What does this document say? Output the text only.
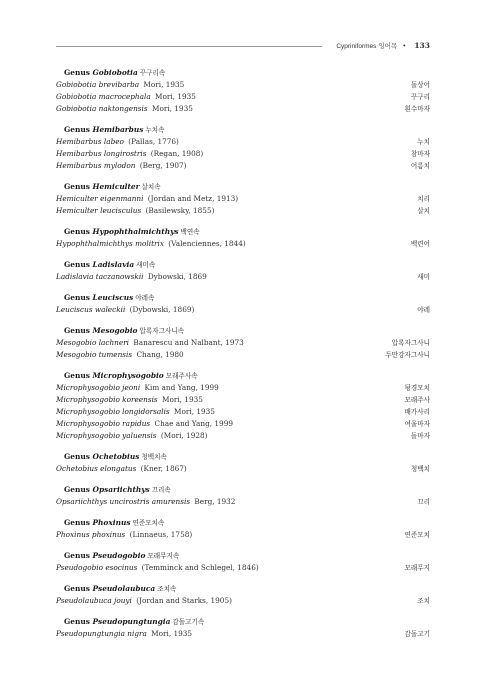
Cypriniformes 잉어목 • 133
Genus Gobiobotia 꾸구리속
Gobiobotia brevibarba Mori, 1935	돌상어
Gobiobotia macrocephala Mori, 1935	꾸구리
Gobiobotia naktongensis Mori, 1935	흰수마자
Genus Hemibarbus 누치속
Hemibarbus labeo (Pallas, 1776)	누치
Hemibarbus longirostris (Regan, 1908)	참마자
Hemibarbus mylodon (Berg, 1907)	어름치
Genus Hemiculter 살치속
Hemiculter eigenmanni (Jordan and Metz, 1913)	치리
Hemiculter leucisculus (Basilewsky, 1855)	살치
Genus Hypophthalmichthys 백연속
Hypophthalmichthys molitrix (Valenciennes, 1844)	백련어
Genus Ladislavia 새미속
Ladislavia taczanowskii Dybowski, 1869	새미
Genus Leuciscus 야레속
Leuciscus waleckii (Dybowski, 1869)	야레
Genus Mesogobio 압록자그사니속
Mesogobio lachneri Banarescu and Nalbant, 1973	압록자그사니
Mesogobio tumensis Chang, 1980	두만강자그사니
Genus Microphysogobio 모래주사속
Microphysogobio jeoni Kim and Yang, 1999	됭경모치
Microphysogobio koreensis Mori, 1935	모래주사
Microphysogobio longidorsalis Mori, 1935	배가사리
Microphysogobio rapidus Chae and Yang, 1999	여울마자
Microphysogobio yaluensis (Mori, 1928)	돌마자
Genus Ochetobius 청백치속
Ochetobius elongatus (Kner, 1867)	청백치
Genus Opsariichthys 끄리속
Opsariichthys uncirostris amurensis Berg, 1932	끄리
Genus Phoxinus 연준모치속
Phoxinus phoxinus (Linnaeus, 1758)	연준모치
Genus Pseudogobio 모래무지속
Pseudogobio esocinus (Temminck and Schlegel, 1846)	모래무지
Genus Pseudolaubuca 조치속
Pseudolaubuca jouyi (Jordan and Starks, 1905)	조치
Genus Pseudopungtungia 감돌고기속
Pseudopungtungia nigra Mori, 1935	감돌고기
